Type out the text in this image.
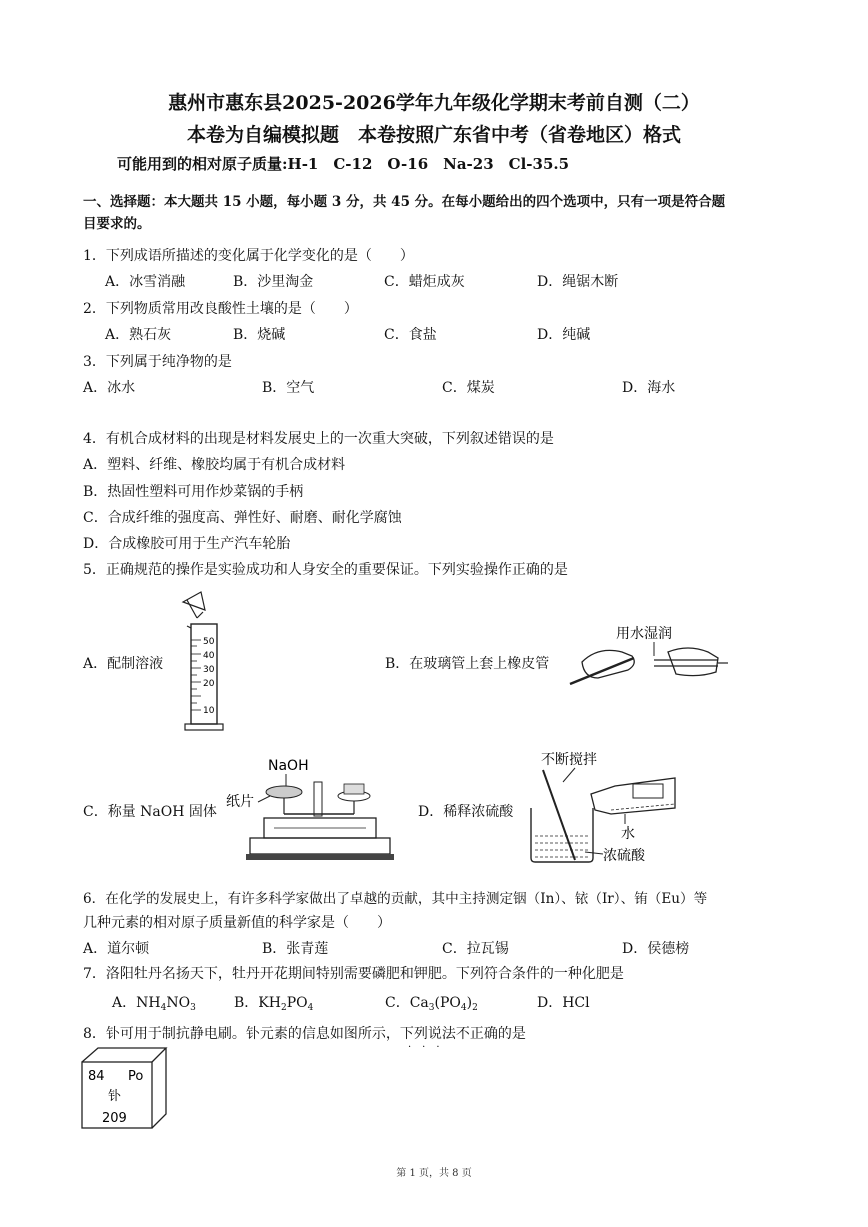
惠州市惠东县2025-2026学年九年级化学期末考前自测（二）
本卷为自编模拟题　本卷按照广东省中考（省卷地区）格式
可能用到的相对原子质量:H-1　C-12　O-16　Na-23　Cl-35.5
一、选择题：本大题共 15 小题，每小题 3 分，共 45 分。在每小题给出的四个选项中，只有一项是符合题
目要求的。
1．下列成语所描述的变化属于化学变化的是（　　）
A．冰雪消融	B．沙里淘金	C．蜡炬成灰	D．绳锯木断
2．下列物质常用改良酸性土壤的是（　　）
A．熟石灰	B．烧碱	C．食盐	D．纯碱
3．下列属于纯净物的是
A．冰水	B．空气	C．煤炭	D．海水
4．有机合成材料的出现是材料发展史上的一次重大突破，下列叙述错误的是
A．塑料、纤维、橡胶均属于有机合成材料
B．热固性塑料可用作炒菜锅的手柄
C．合成纤维的强度高、弹性好、耐磨、耐化学腐蚀
D．合成橡胶可用于生产汽车轮胎
5．正确规范的操作是实验成功和人身安全的重要保证。下列实验操作正确的是
50
40
30
20
10
A．配制溶液	B．在玻璃管上套上橡皮管
用水湿润
C．称量 NaOH 固体
NaOH
纸片
D．稀释浓硫酸
不断搅拌
水
浓硫酸
6．在化学的发展史上，有许多科学家做出了卓越的贡献，其中主持测定铟（In）、铱（Ir）、铕（Eu）等
几种元素的相对原子质量新值的科学家是（　　）
A．道尔顿	B．张青莲	C．拉瓦锡	D．侯德榜
7．洛阳牡丹名扬天下，牡丹开花期间特别需要磷肥和钾肥。下列符合条件的一种化肥是
A．$NH_4NO_3$	B．$KH_2PO_4$	C．$Ca_3(PO_4)_2$	D．HCl
8．钋可用于制抗静电刷。钋元素的信息如图所示，下列说法不正确的是
···
84 Po
钋
209
第 1 页，共 8 页
